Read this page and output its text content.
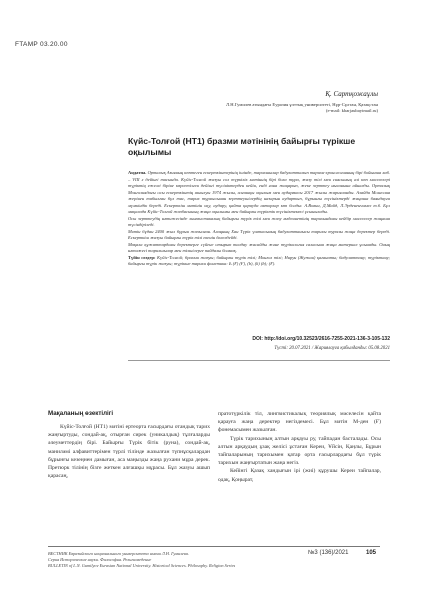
FTAMP 03.20.00
Қ. Сартқожаұлы
Л.Н.Гумилев атындағы Еуразия ұлттық университеті, Нұр-Сұлтан, Қазақстан
(e-mail: kbarjaubaytmail.ru)
Күйс-Толғой (НТ1) бразми мәтінінің байырғы түрікше
оқылымы

Аңдатпа. Орталық Азияның көптеген ескерткіштерінің ішінде, тарихшылар бадулатталып тарихи-хронологияның бірі бойынша хаб. – VIII ғ дейінгі тасында. Күйіс-Толғой жазуы сол түркілік мәтіннің бірі бола тұра, жазу тілі мен сиясының әлі көп мәселелері түріктің ежелгі біріне көрсетілген дейінгі түсініктерден кейін, енді ғана жаңарып, жеке зерттеу нысанына айналды. Орталық Монголиядағы осы ескерткіштің ашылуы 1974 жылы, алғашқы оқылым мен аудармасы 2017 жылы жарияланды. Алайда Монголия жерінен табылған бұл тас, тарих тұрғысынан зерттеушілердің назарын аудартып, бұрынғы түсініктерді жаңаша баяндауға мүмкіндік береді. Ескерткіш мәтінін оқу, аудару, қайта қарауда авторлар көп болды: А.Вовин, Д.Майд, Л.Эрдененчимег т.б. Бұл мақалада Күйіс-Толғой жазбасының жаңа оқылымы мен байырғы түріктік түсініктемесі ұсынылады.

Осы зерттеудің нәтижесінде лингвистикалық байырғы түрік тілі мен жазу мәдениетінің тарихындағы кейбір мәселелер жаңаша түсіндіріледі.

Мәтін бұдан 2400 жыл бұрын жазылған. Алаңның Хан Түрік үштасының бадулаттанысы тарихы туралы жаңа деректер береді. Ескерткіш жазуы байырғы түрік тілі екенін дәлелдейді.

Мақала құжаттардағы деректерге сүйене отырып талдау жасайды және түрікология саласына жаңа материал ұсынады. Оның нәтижесі тарихшылар мен тілшілерге пайдалы болмақ.

Түйін сөздер: Күйіс-Толғой; брахми жазуы; байырғы түрік тілі; Монғол тілі; Нирун (Жужан) қағанаты; бадулаттану; түріктану; байырғы түрік жазуы; түрікше тарихи фонетика: Ь (Ғ) (Ғ), (b), (k) (b); (Ғ).

DOI: http://doi.org/10.32523/2616-7255-2021-136-3-105-132
Түсті: 20.07.2021 / Жариялауға қабылданды: 05.08.2021
Мақаланың өзектілігі

Күйіс-Толғой (НТ1) мәтіні ертеорта ғасырдағы отандық тарих жаңғыртуды, сондай-ақ, отырған сирек (уникалдық) тұлғаларды әлеуметтердің бірі. Байырғы Түрік бітік (руна), сондай-ақ, маниләмі алфавиттерімен түрлі тілінде жазылған түпнұсқалардан бұрынғы кезеңнен дамыған, аса маңызды жаңа рухани мұра дерек. Претюрк тілінің бізге жеткен алғашқы мұрасы. Бұл жазуы ашып қарасаң,

пратотүркілік тіл, лингвистикалық теориялық мәселесін қайта қарауға жаңа деректер негіздемесі. Бұл мәтін М-ден (Ғ) фонемасымен жазылған.

Түрік тарихының алтын арқауы ру, тайпадан басталады. Осы алтын арқаудың ұзақ желісі ұстаған Кереи, Ұйсін, Қаңлы, Бұрын тайпаларының тарихымен қатар орта ғасырлардағы бұл түрік тарихын жаңғыртатын жаңа негіз.

Кейінгі Қазақ хандығын ірі (жиі) құрушы Кереи тайпалар, одақ, Қоңырат,

ВЕСТНИК Евразийского национального университета имени Л.Н. Гумилева.
Серия Исторические науки. Философия. Религиоведение
BULLETIN of L.N. Gumilyov Eurasian National University. Historical Sciences. Philosophy. Religion Series
№3 (136)/2021	105
